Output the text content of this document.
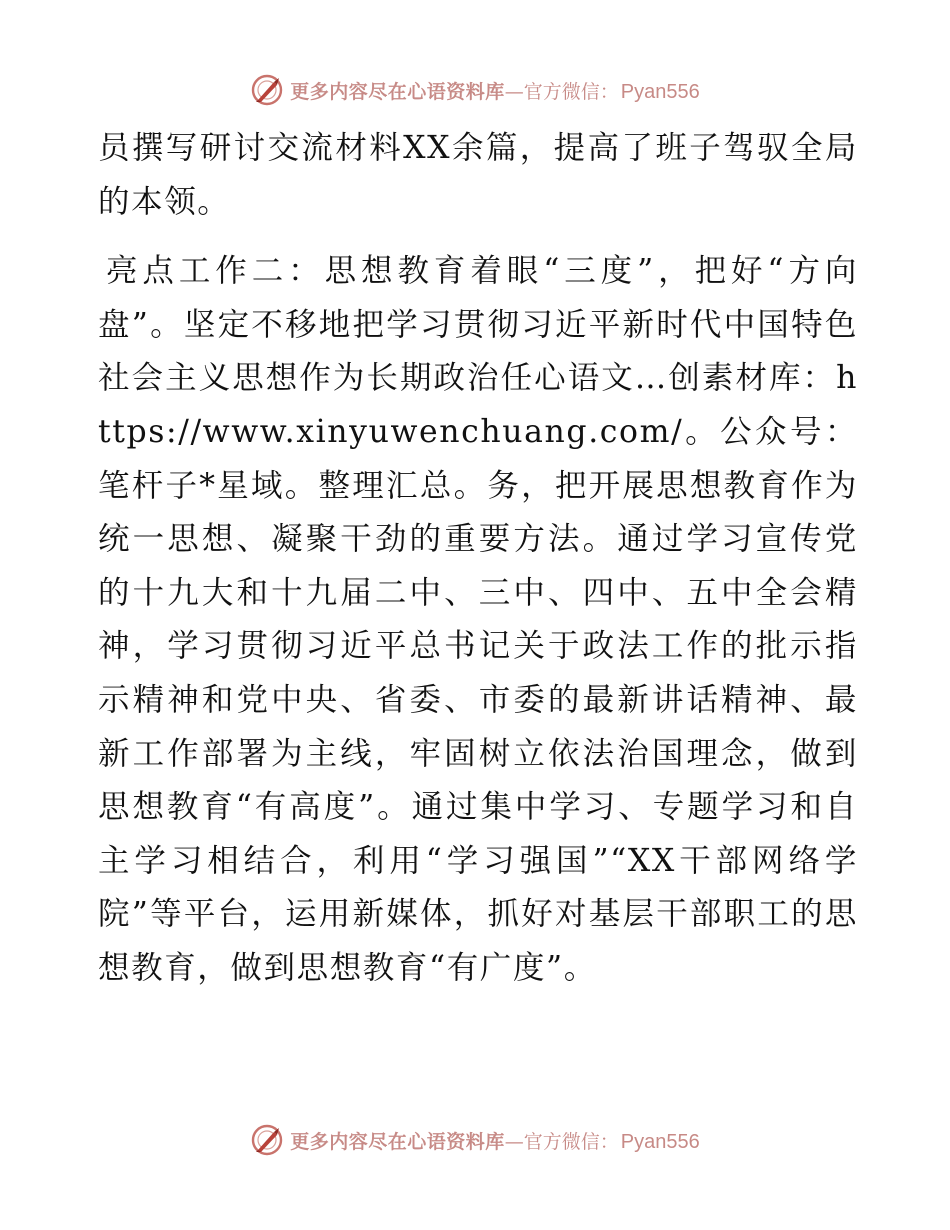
更多内容尽在心语资料库 —官方微信： Pyan556

员撰写研讨交流材料XX余篇，提高了班子驾驭全局的本领。

亮点工作二：思想教育着眼“三度”，把好“方向盘”。坚定不移地把学习贯彻习近平新时代中国特色社会主义思想作为长期政治任心语文…创素材库：https://www.xinyuwenchuang.com/。公众号：笔杆子*星域。整理汇总。务，把开展思想教育作为统一思想、凝聚干劲的重要方法。通过学习宣传党的十九大和十九届二中、三中、四中、五中全会精神，学习贯彻习近平总书记关于政法工作的批示指示精神和党中央、省委、市委的最新讲话精神、最新工作部署为主线，牢固树立依法治国理念，做到思想教育“有高度”。通过集中学习、专题学习和自主学习相结合，利用“学习强国”“XX干部网络学院”等平台，运用新媒体，抓好对基层干部职工的思想教育，做到思想教育“有广度”。

更多内容尽在心语资料库 —官方微信： Pyan556
